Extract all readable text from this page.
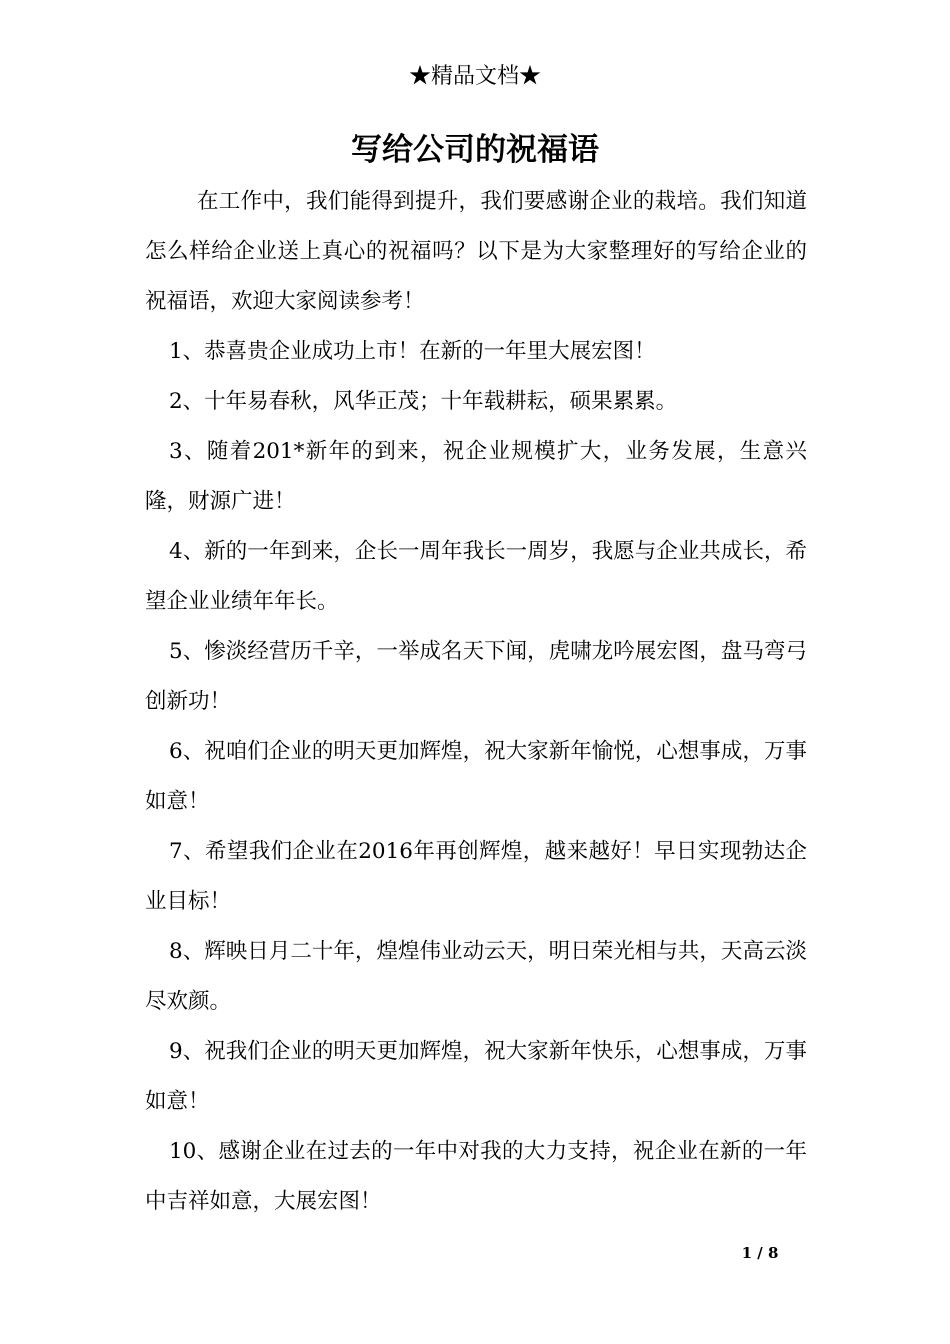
★精品文档★
写给公司的祝福语

在工作中，我们能得到提升，我们要感谢企业的栽培。我们知道怎么样给企业送上真心的祝福吗？以下是为大家整理好的写给企业的祝福语，欢迎大家阅读参考！

1、恭喜贵企业成功上市！在新的一年里大展宏图！

2、十年易春秋，风华正茂；十年载耕耘，硕果累累。

3、随着201*新年的到来，祝企业规模扩大，业务发展，生意兴隆，财源广进！

4、新的一年到来，企长一周年我长一周岁，我愿与企业共成长，希望企业业绩年年长。

5、惨淡经营历千辛，一举成名天下闻，虎啸龙吟展宏图，盘马弯弓创新功！

6、祝咱们企业的明天更加辉煌，祝大家新年愉悦，心想事成，万事如意！

7、希望我们企业在2016年再创辉煌，越来越好！早日实现勃达企业目标！

8、辉映日月二十年，煌煌伟业动云天，明日荣光相与共，天高云淡尽欢颜。

9、祝我们企业的明天更加辉煌，祝大家新年快乐，心想事成，万事如意！

10、感谢企业在过去的一年中对我的大力支持，祝企业在新的一年中吉祥如意，大展宏图！

1 / 8
